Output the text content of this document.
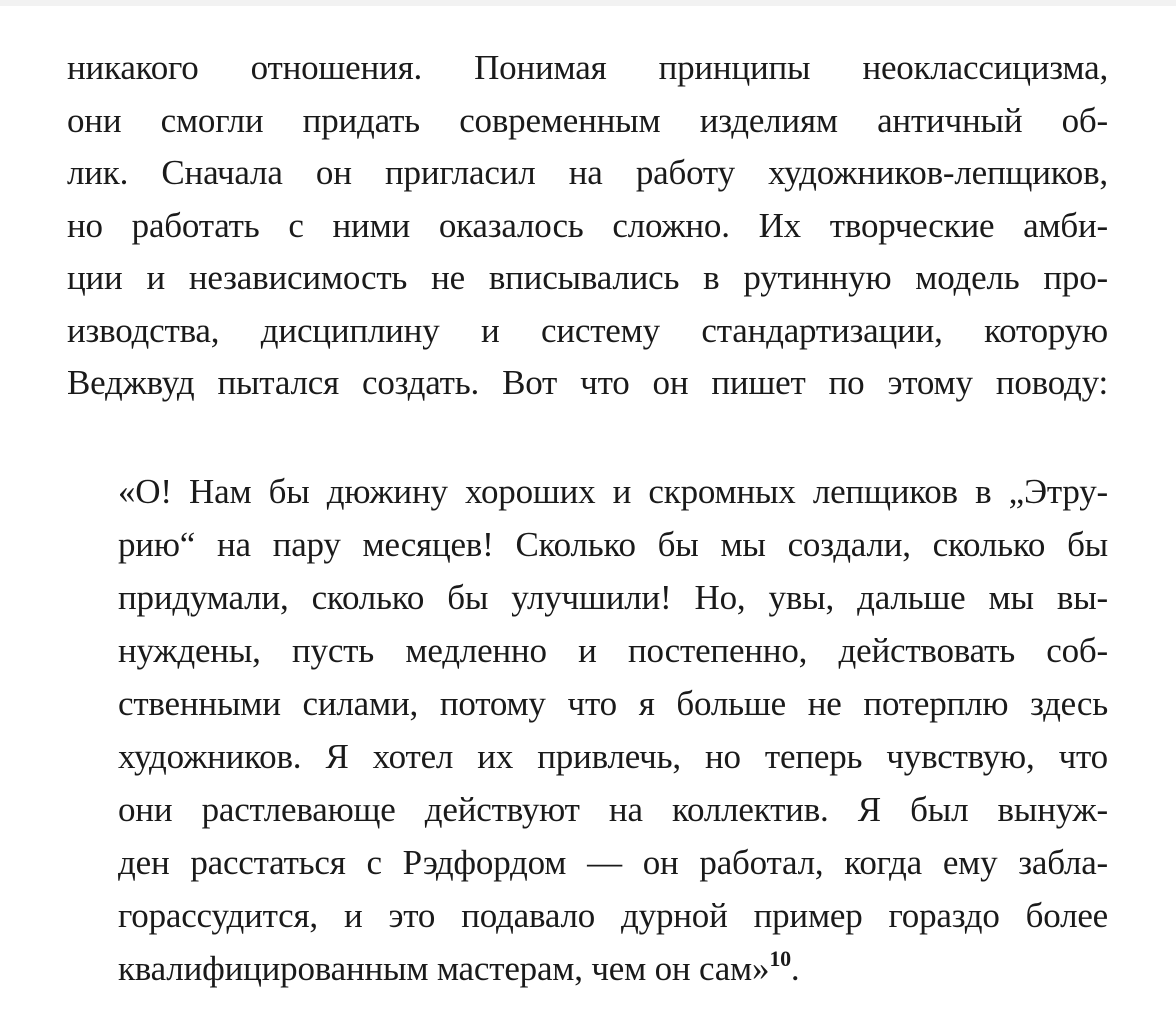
никакого отношения. Понимая принципы неоклассицизма,
они смогли придать современным изделиям античный об-
лик. Сначала он пригласил на работу художников-лепщиков,
но работать с ними оказалось сложно. Их творческие амби-
ции и независимость не вписывались в рутинную модель про-
изводства, дисциплину и систему стандартизации, которую
Веджвуд пытался создать. Вот что он пишет по этому поводу:
«О! Нам бы дюжину хороших и скромных лепщиков в „Этру-
рию“ на пару месяцев! Сколько бы мы создали, сколько бы
придумали, сколько бы улучшили! Но, увы, дальше мы вы-
нуждены, пусть медленно и постепенно, действовать соб-
ственными силами, потому что я больше не потерплю здесь
художников. Я хотел их привлечь, но теперь чувствую, что
они растлевающе действуют на коллектив. Я был вынуж-
ден расстаться с Рэдфордом — он работал, когда ему забла-
горассудится, и это подавало дурной пример гораздо более
квалифицированным мастерам, чем он сам»$^{10}$.
